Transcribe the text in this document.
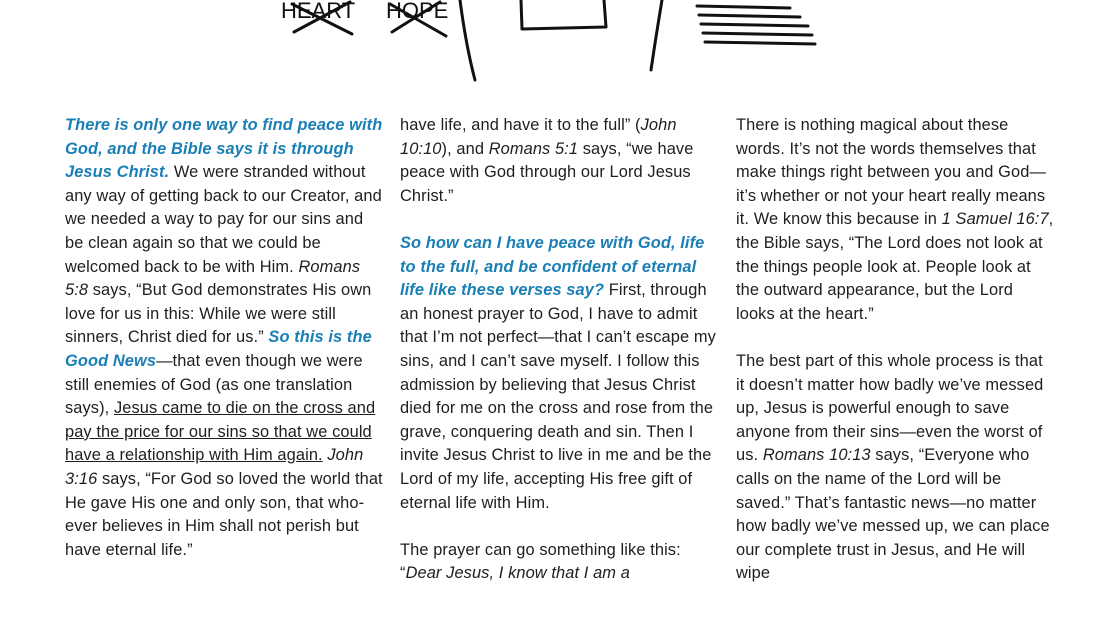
HEART HOPE

There is only one way to find peace with God, and the Bible says it is through Jesus Christ. We were stranded without any way of getting back to our Creator, and we needed a way to pay for our sins and be clean again so that we could be welcomed back to be with Him. Romans 5:8 says, “But God demonstrates His own love for us in this: While we were still sinners, Christ died for us.” So this is the Good News—that even though we were still enemies of God (as one translation says), Jesus came to die on the cross and pay the price for our sins so that we could have a relationship with Him again. John 3:16 says, “For God so loved the world that He gave His one and only son, that whoever believes in Him shall not perish but have eternal life.”

have life, and have it to the full” (John 10:10), and Romans 5:1 says, “we have peace with God through our Lord Jesus Christ.”

So how can I have peace with God, life to the full, and be confident of eternal life like these verses say? First, through an honest prayer to God, I have to admit that I’m not perfect—that I can’t escape my sins, and I can’t save myself. I follow this admission by believing that Jesus Christ died for me on the cross and rose from the grave, conquering death and sin. Then I invite Jesus Christ to live in me and be the Lord of my life, accepting His free gift of eternal life with Him.

The prayer can go something like this: “Dear Jesus, I know that I am a

There is nothing magical about these words. It’s not the words themselves that make things right between you and God—it’s whether or not your heart really means it. We know this because in 1 Samuel 16:7, the Bible says, “The Lord does not look at the things people look at. People look at the outward appearance, but the Lord looks at the heart.”

The best part of this whole process is that it doesn’t matter how badly we’ve messed up, Jesus is powerful enough to save anyone from their sins—even the worst of us. Romans 10:13 says, “Everyone who calls on the name of the Lord will be saved.” That’s fantastic news—no matter how badly we’ve messed up, we can place our complete trust in Jesus, and He will wipe
